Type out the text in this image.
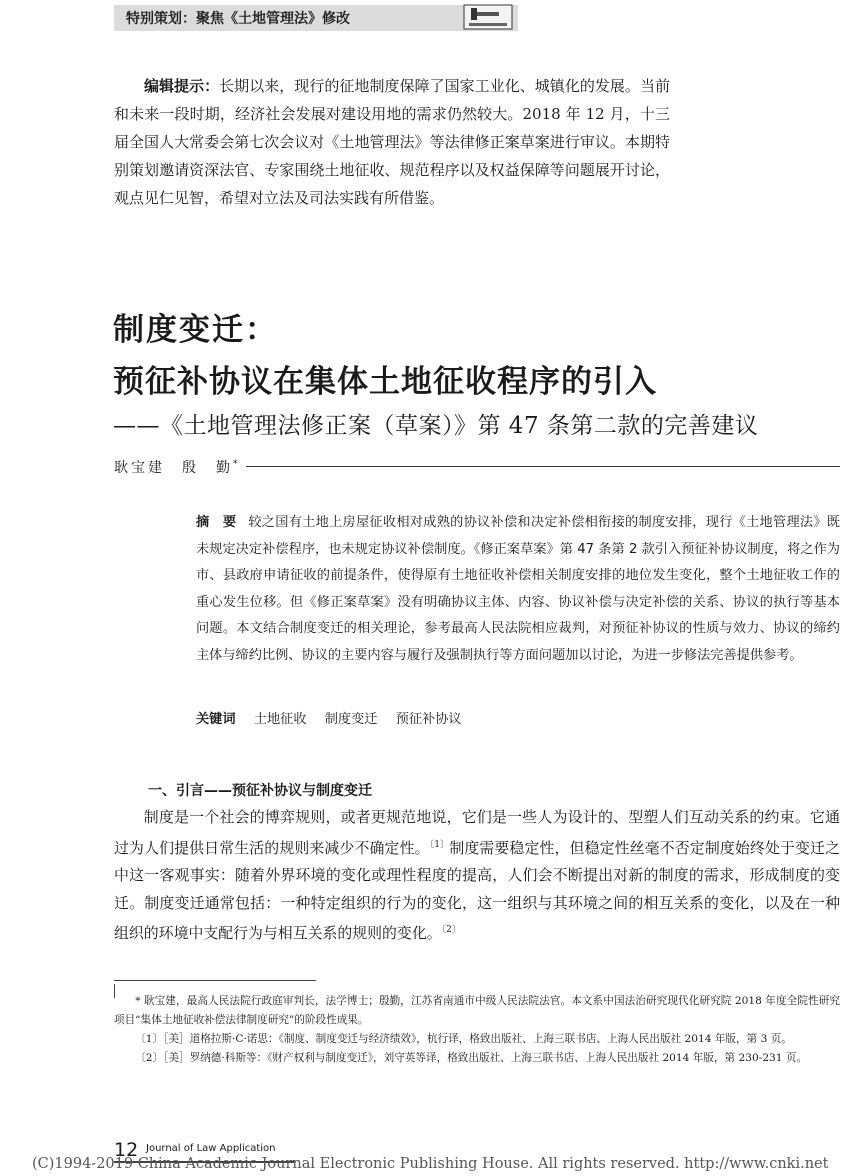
特别策划：聚焦《土地管理法》修改
编辑提示：长期以来，现行的征地制度保障了国家工业化、城镇化的发展。当前和未来一段时期，经济社会发展对建设用地的需求仍然较大。2018 年 12 月，十三届全国人大常委会第七次会议对《土地管理法》等法律修正案草案进行审议。本期特别策划邀请资深法官、专家围绕土地征收、规范程序以及权益保障等问题展开讨论，观点见仁见智，希望对立法及司法实践有所借鉴。
制度变迁：
预征补协议在集体土地征收程序的引入
——《土地管理法修正案（草案）》第 47 条第二款的完善建议
耿宝建　殷　勤*
摘　要 较之国有土地上房屋征收相对成熟的协议补偿和决定补偿相衔接的制度安排，现行《土地管理法》既未规定决定补偿程序，也未规定协议补偿制度。《修正案草案》第 47 条第 2 款引入预征补协议制度，将之作为市、县政府申请征收的前提条件，使得原有土地征收补偿相关制度安排的地位发生变化，整个土地征收工作的重心发生位移。但《修正案草案》没有明确协议主体、内容、协议补偿与决定补偿的关系、协议的执行等基本问题。本文结合制度变迁的相关理论，参考最高人民法院相应裁判，对预征补协议的性质与效力、协议的缔约主体与缔约比例、协议的主要内容与履行及强制执行等方面问题加以讨论，为进一步修法完善提供参考。
关键词 土地征收 制度变迁 预征补协议
一、引言——预征补协议与制度变迁
制度是一个社会的博弈规则，或者更规范地说，它们是一些人为设计的、型塑人们互动关系的约束。它通过为人们提供日常生活的规则来减少不确定性。$^{〔1〕}$制度需要稳定性，但稳定性丝毫不否定制度始终处于变迁之中这一客观事实：随着外界环境的变化或理性程度的提高，人们会不断提出对新的制度的需求，形成制度的变迁。制度变迁通常包括：一种特定组织的行为的变化，这一组织与其环境之间的相互关系的变化，以及在一种组织的环境中支配行为与相互关系的规则的变化。$^{〔2〕}$

* 耿宝建，最高人民法院行政庭审判长，法学博士；殷勤，江苏省南通市中级人民法院法官。本文系中国法治研究现代化研究院 2018 年度全院性研究项目“集体土地征收补偿法律制度研究”的阶段性成果。

〔1〕［美］道格拉斯·C·诺思：《制度、制度变迁与经济绩效》，杭行译，格致出版社、上海三联书店、上海人民出版社 2014 年版，第 3 页。

〔2〕［美］罗纳德·科斯等：《财产权利与制度变迁》，刘守英等译，格致出版社、上海三联书店、上海人民出版社 2014 年版，第 230-231 页。

12 Journal of Law Application
(C)1994-2019 China Academic Journal Electronic Publishing House. All rights reserved. http://www.cnki.net
